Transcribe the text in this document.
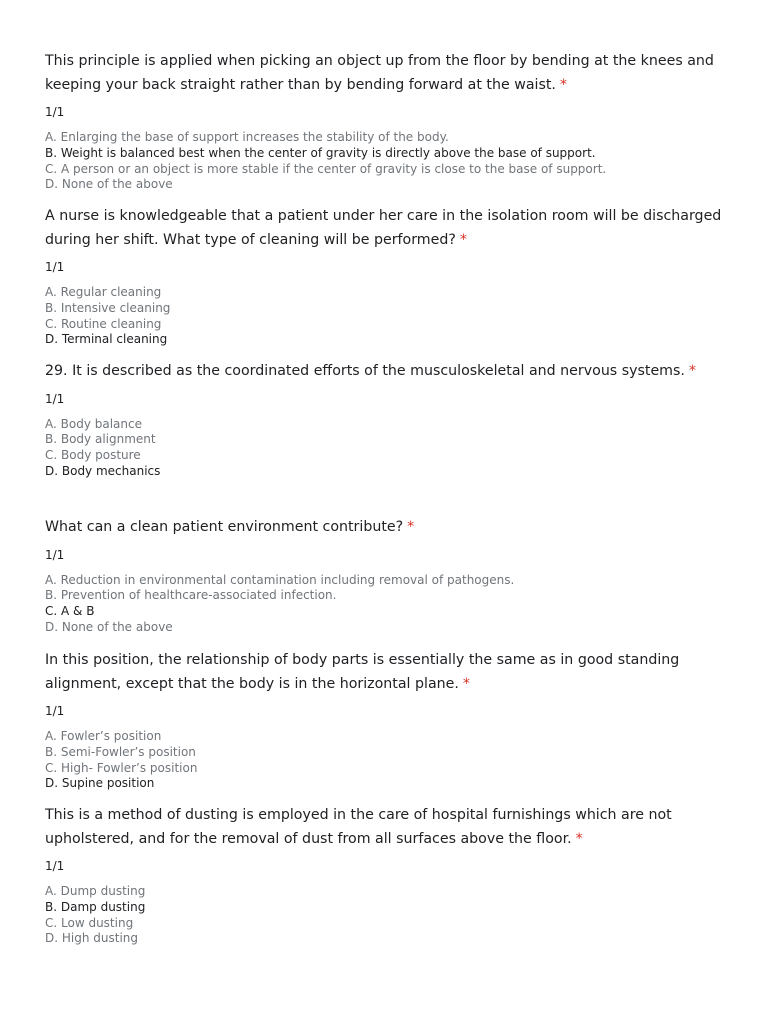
This principle is applied when picking an object up from the floor by bending at the knees and keeping your back straight rather than by bending forward at the waist. *

1/1
A. Enlarging the base of support increases the stability of the body.
B. Weight is balanced best when the center of gravity is directly above the base of support.
C. A person or an object is more stable if the center of gravity is close to the base of support.
D. None of the above

A nurse is knowledgeable that a patient under her care in the isolation room will be discharged during her shift. What type of cleaning will be performed? *

1/1
A. Regular cleaning
B. Intensive cleaning
C. Routine cleaning
D. Terminal cleaning

29. It is described as the coordinated efforts of the musculoskeletal and nervous systems. *

1/1
A. Body balance
B. Body alignment
C. Body posture
D. Body mechanics

What can a clean patient environment contribute? *

1/1
A. Reduction in environmental contamination including removal of pathogens.
B. Prevention of healthcare-associated infection.
C. A & B
D. None of the above

In this position, the relationship of body parts is essentially the same as in good standing alignment, except that the body is in the horizontal plane. *

1/1
A. Fowler’s position
B. Semi-Fowler’s position
C. High- Fowler’s position
D. Supine position

This is a method of dusting is employed in the care of hospital furnishings which are not upholstered, and for the removal of dust from all surfaces above the floor. *

1/1
A. Dump dusting
B. Damp dusting
C. Low dusting
D. High dusting
